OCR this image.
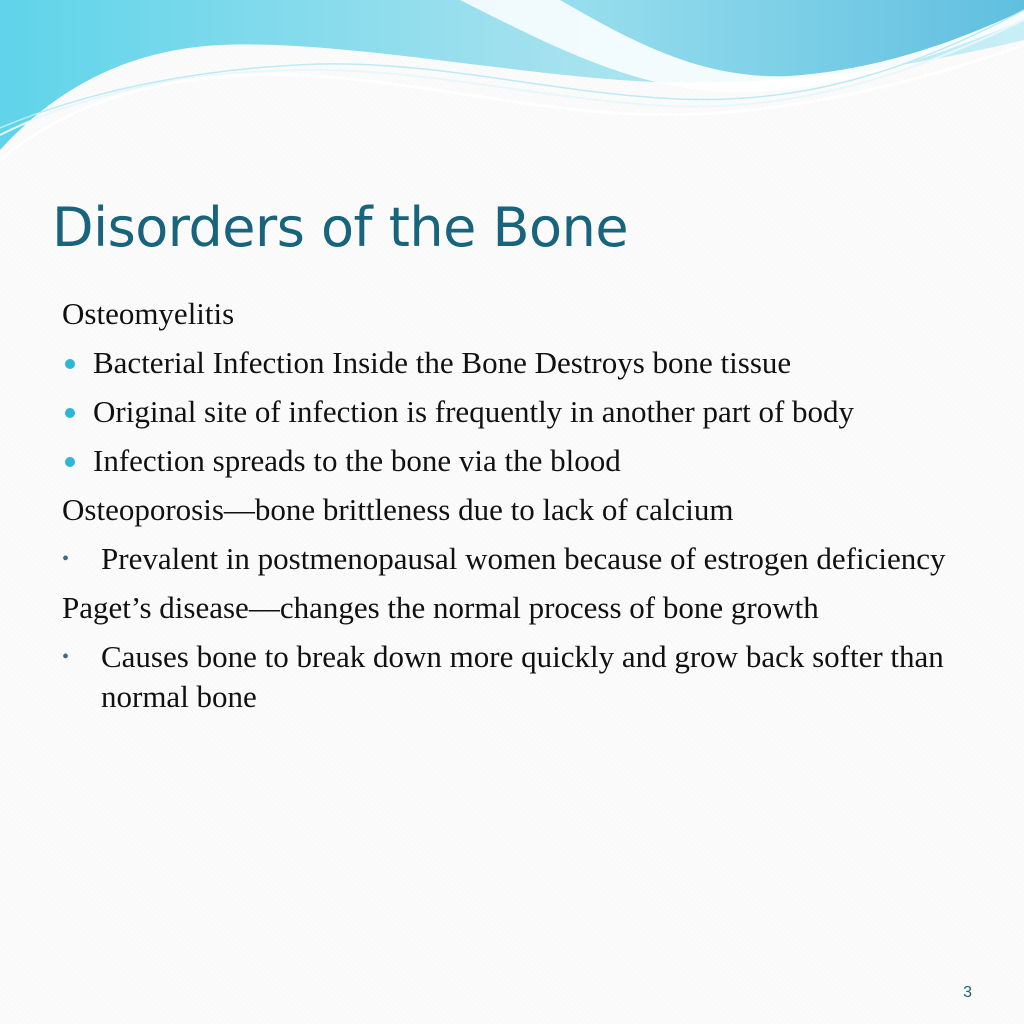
Disorders of the Bone
Osteomyelitis
Bacterial Infection Inside the Bone Destroys bone tissue
Original site of infection is frequently in another part of body
Infection spreads to the bone via the blood
Osteoporosis—bone brittleness due to lack of calcium
• Prevalent in postmenopausal women because of estrogen deficiency
Paget’s disease—changes the normal process of bone growth
• Causes bone to break down more quickly and grow back softer than normal bone
3
